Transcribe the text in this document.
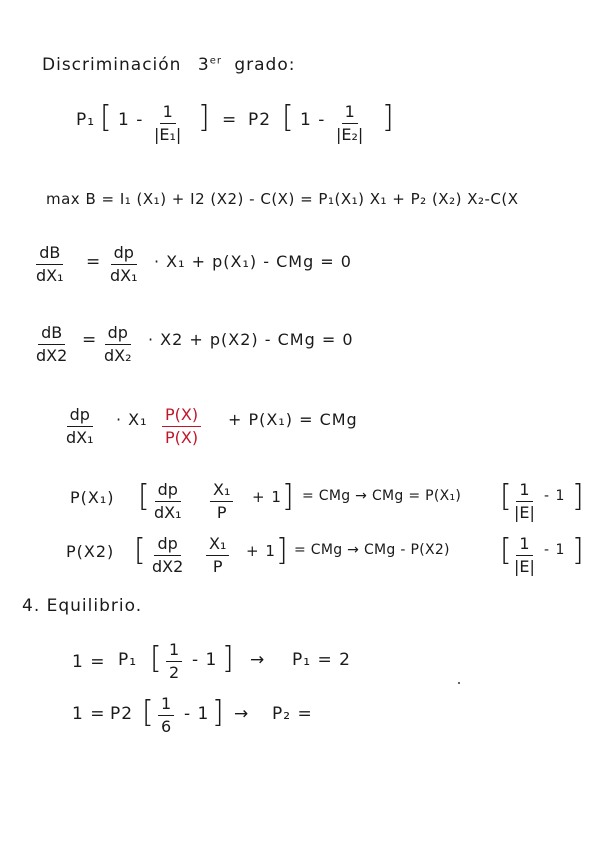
Discriminación 3er grado:
P₁ [ $1 - \frac{1}{\text{|E₁|}}$ ] = P2 [ $1 - \frac{1}{\text{|E₂|}}$ ]
max B = I₁ (X₁) + I2 (X2) - C(X) = P₁(X₁) X₁ + P₂ (X₂) X₂-C(X
$\frac{dB}{\text{dX₁}} = \frac{dp}{\text{dX₁}} \cdot X_1 + p(X_1)$ - CMg = 0
$\frac{dB}{dX2} = \frac{dp}{\text{dX₂}} \cdot X2 + p(X2)$ - CMg = 0
$\frac{dp}{\text{dX₁}} \cdot X_1 \frac{P(X)}{P(X)} + P(X_1)$ = CMg
P(X₁) [ $\frac{dp}{\text{dX₁}} \frac{\text{X₁}}{P} + 1$ ] = CMg → CMg = P(X₁) [ $\frac{1}{|E|} - 1$ ]
P(X2) [ $\frac{dp}{dX2} \frac{\text{X₁}}{P} + 1$ ] = CMg → CMg - P(X2) [ $\frac{1}{|E|} - 1$ ]
4. Equilibrio.
1 = P₁ [ $\frac{1}{2} - 1$ ] → P₁ = 2
1 = P2 [ $\frac{1}{6} - 1$ ] → P₂ =
